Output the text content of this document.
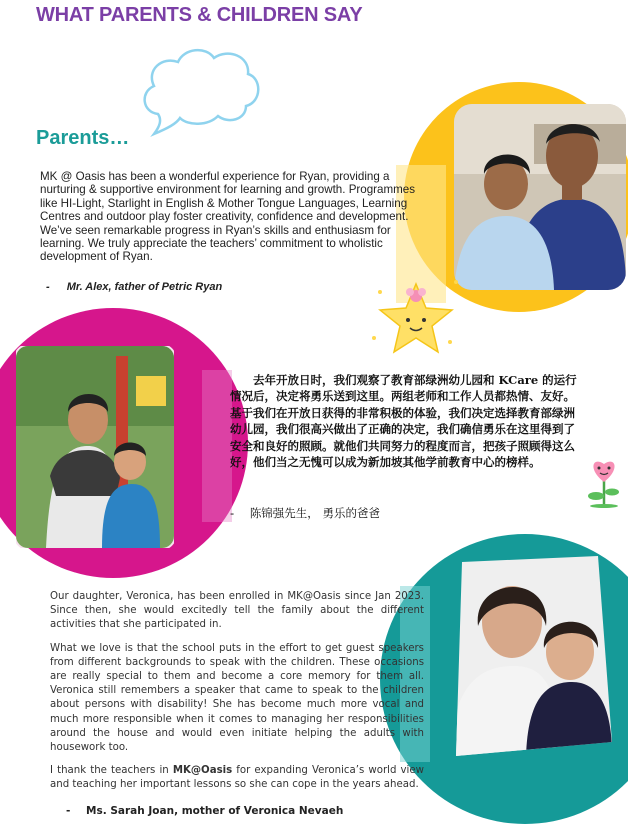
WHAT PARENTS & CHILDREN SAY
Parents…
MK @ Oasis has been a wonderful experience for Ryan, providing a nurturing & supportive environment for learning and growth. Programmes like HI-Light, Starlight in English & Mother Tongue Languages, Learning Centres and outdoor play foster creativity, confidence and development. We’ve seen remarkable progress in Ryan’s skills and enthusiasm for learning. We truly appreciate the teachers’ commitment to wholistic development of Ryan.
- Mr. Alex, father of Petric Ryan
　　去年开放日时，我们观察了教育部绿洲幼儿园和 KCare 的运行情况后，决定将勇乐送到这里。两组老师和工作人员都热情、友好。基于我们在开放日获得的非常积极的体验，我们决定选择教育部绿洲幼儿园，我们很高兴做出了正确的决定，我们确信勇乐在这里得到了安全和良好的照顾。就他们共同努力的程度而言，把孩子照顾得这么好，他们当之无愧可以成为新加坡其他学前教育中心的榜样。
- 陈锦强先生， 勇乐的爸爸

Our daughter, Veronica, has been enrolled in MK@Oasis since Jan 2023. Since then, she would excitedly tell the family about the different activities that she participated in.

What we love is that the school puts in the effort to get guest speakers from different backgrounds to speak with the children. These occasions are really special to them and become a core memory for them all. Veronica still remembers a speaker that came to speak to the children about persons with disability! She has become much more vocal and much more responsible when it comes to managing her responsibilities around the house and would even initiate helping the adults with housework too.

I thank the teachers in MK@Oasis for expanding Veronica’s world view and teaching her important lessons so she can cope in the years ahead.

- Ms. Sarah Joan, mother of Veronica Nevaeh
